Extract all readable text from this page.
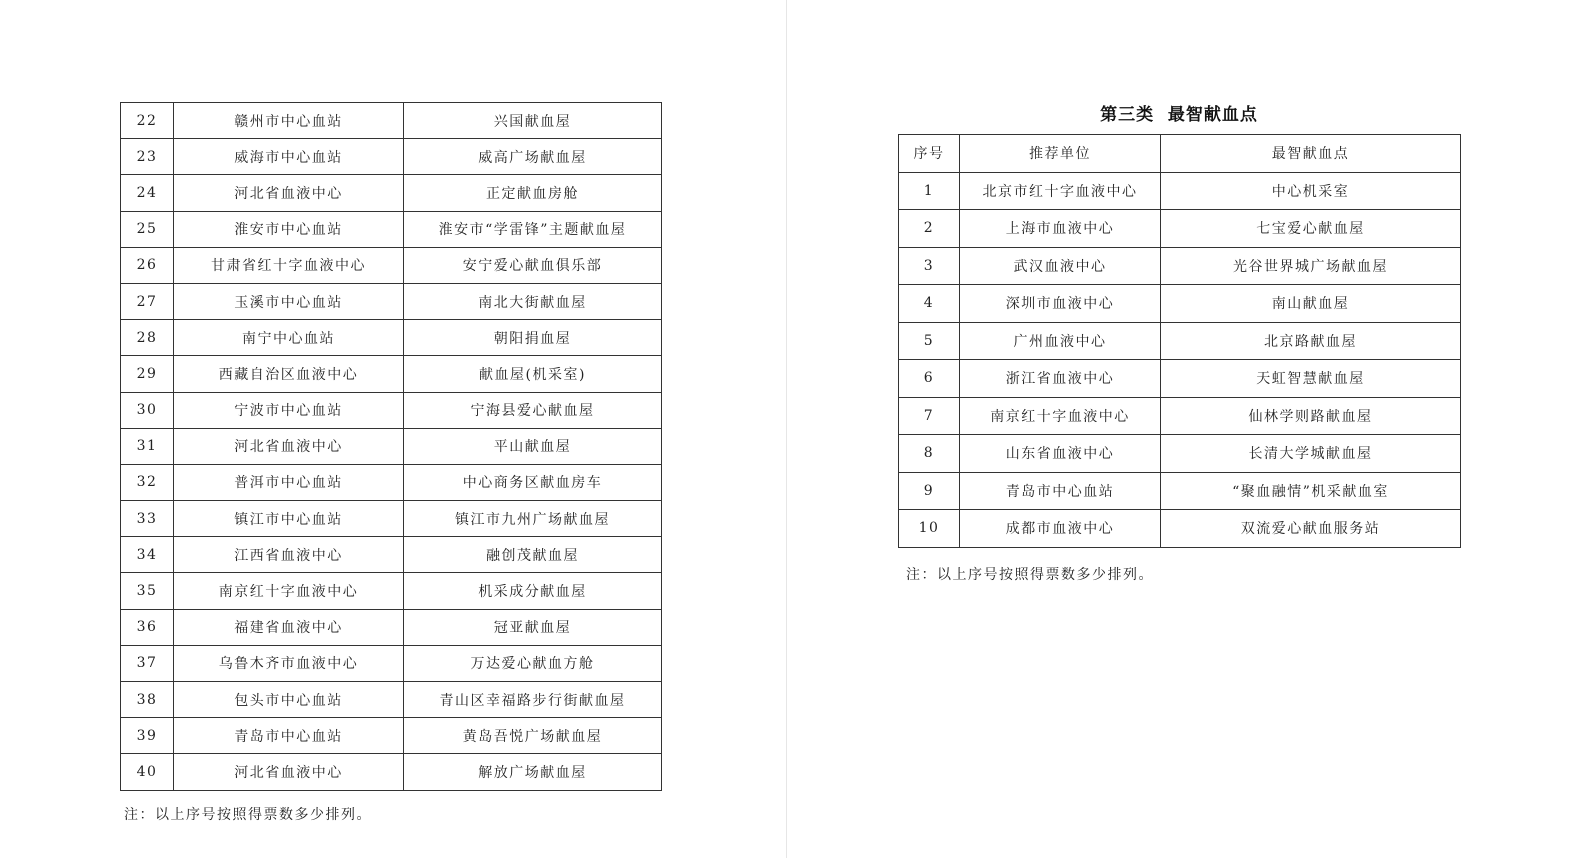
22	赣州市中心血站	兴国献血屋
23	威海市中心血站	威高广场献血屋
24	河北省血液中心	正定献血房舱
25	淮安市中心血站	淮安市“学雷锋”主题献血屋
26	甘肃省红十字血液中心	安宁爱心献血俱乐部
27	玉溪市中心血站	南北大街献血屋
28	南宁中心血站	朝阳捐血屋
29	西藏自治区血液中心	献血屋(机采室)
30	宁波市中心血站	宁海县爱心献血屋
31	河北省血液中心	平山献血屋
32	普洱市中心血站	中心商务区献血房车
33	镇江市中心血站	镇江市九州广场献血屋
34	江西省血液中心	融创茂献血屋
35	南京红十字血液中心	机采成分献血屋
36	福建省血液中心	冠亚献血屋
37	乌鲁木齐市血液中心	万达爱心献血方舱
38	包头市中心血站	青山区幸福路步行街献血屋
39	青岛市中心血站	黄岛吾悦广场献血屋
40	河北省血液中心	解放广场献血屋
注：以上序号按照得票数多少排列。
第三类  最智献血点
序号	推荐单位	最智献血点
1	北京市红十字血液中心	中心机采室
2	上海市血液中心	七宝爱心献血屋
3	武汉血液中心	光谷世界城广场献血屋
4	深圳市血液中心	南山献血屋
5	广州血液中心	北京路献血屋
6	浙江省血液中心	天虹智慧献血屋
7	南京红十字血液中心	仙林学则路献血屋
8	山东省血液中心	长清大学城献血屋
9	青岛市中心血站	“聚血融情”机采献血室
10	成都市血液中心	双流爱心献血服务站
注：以上序号按照得票数多少排列。
